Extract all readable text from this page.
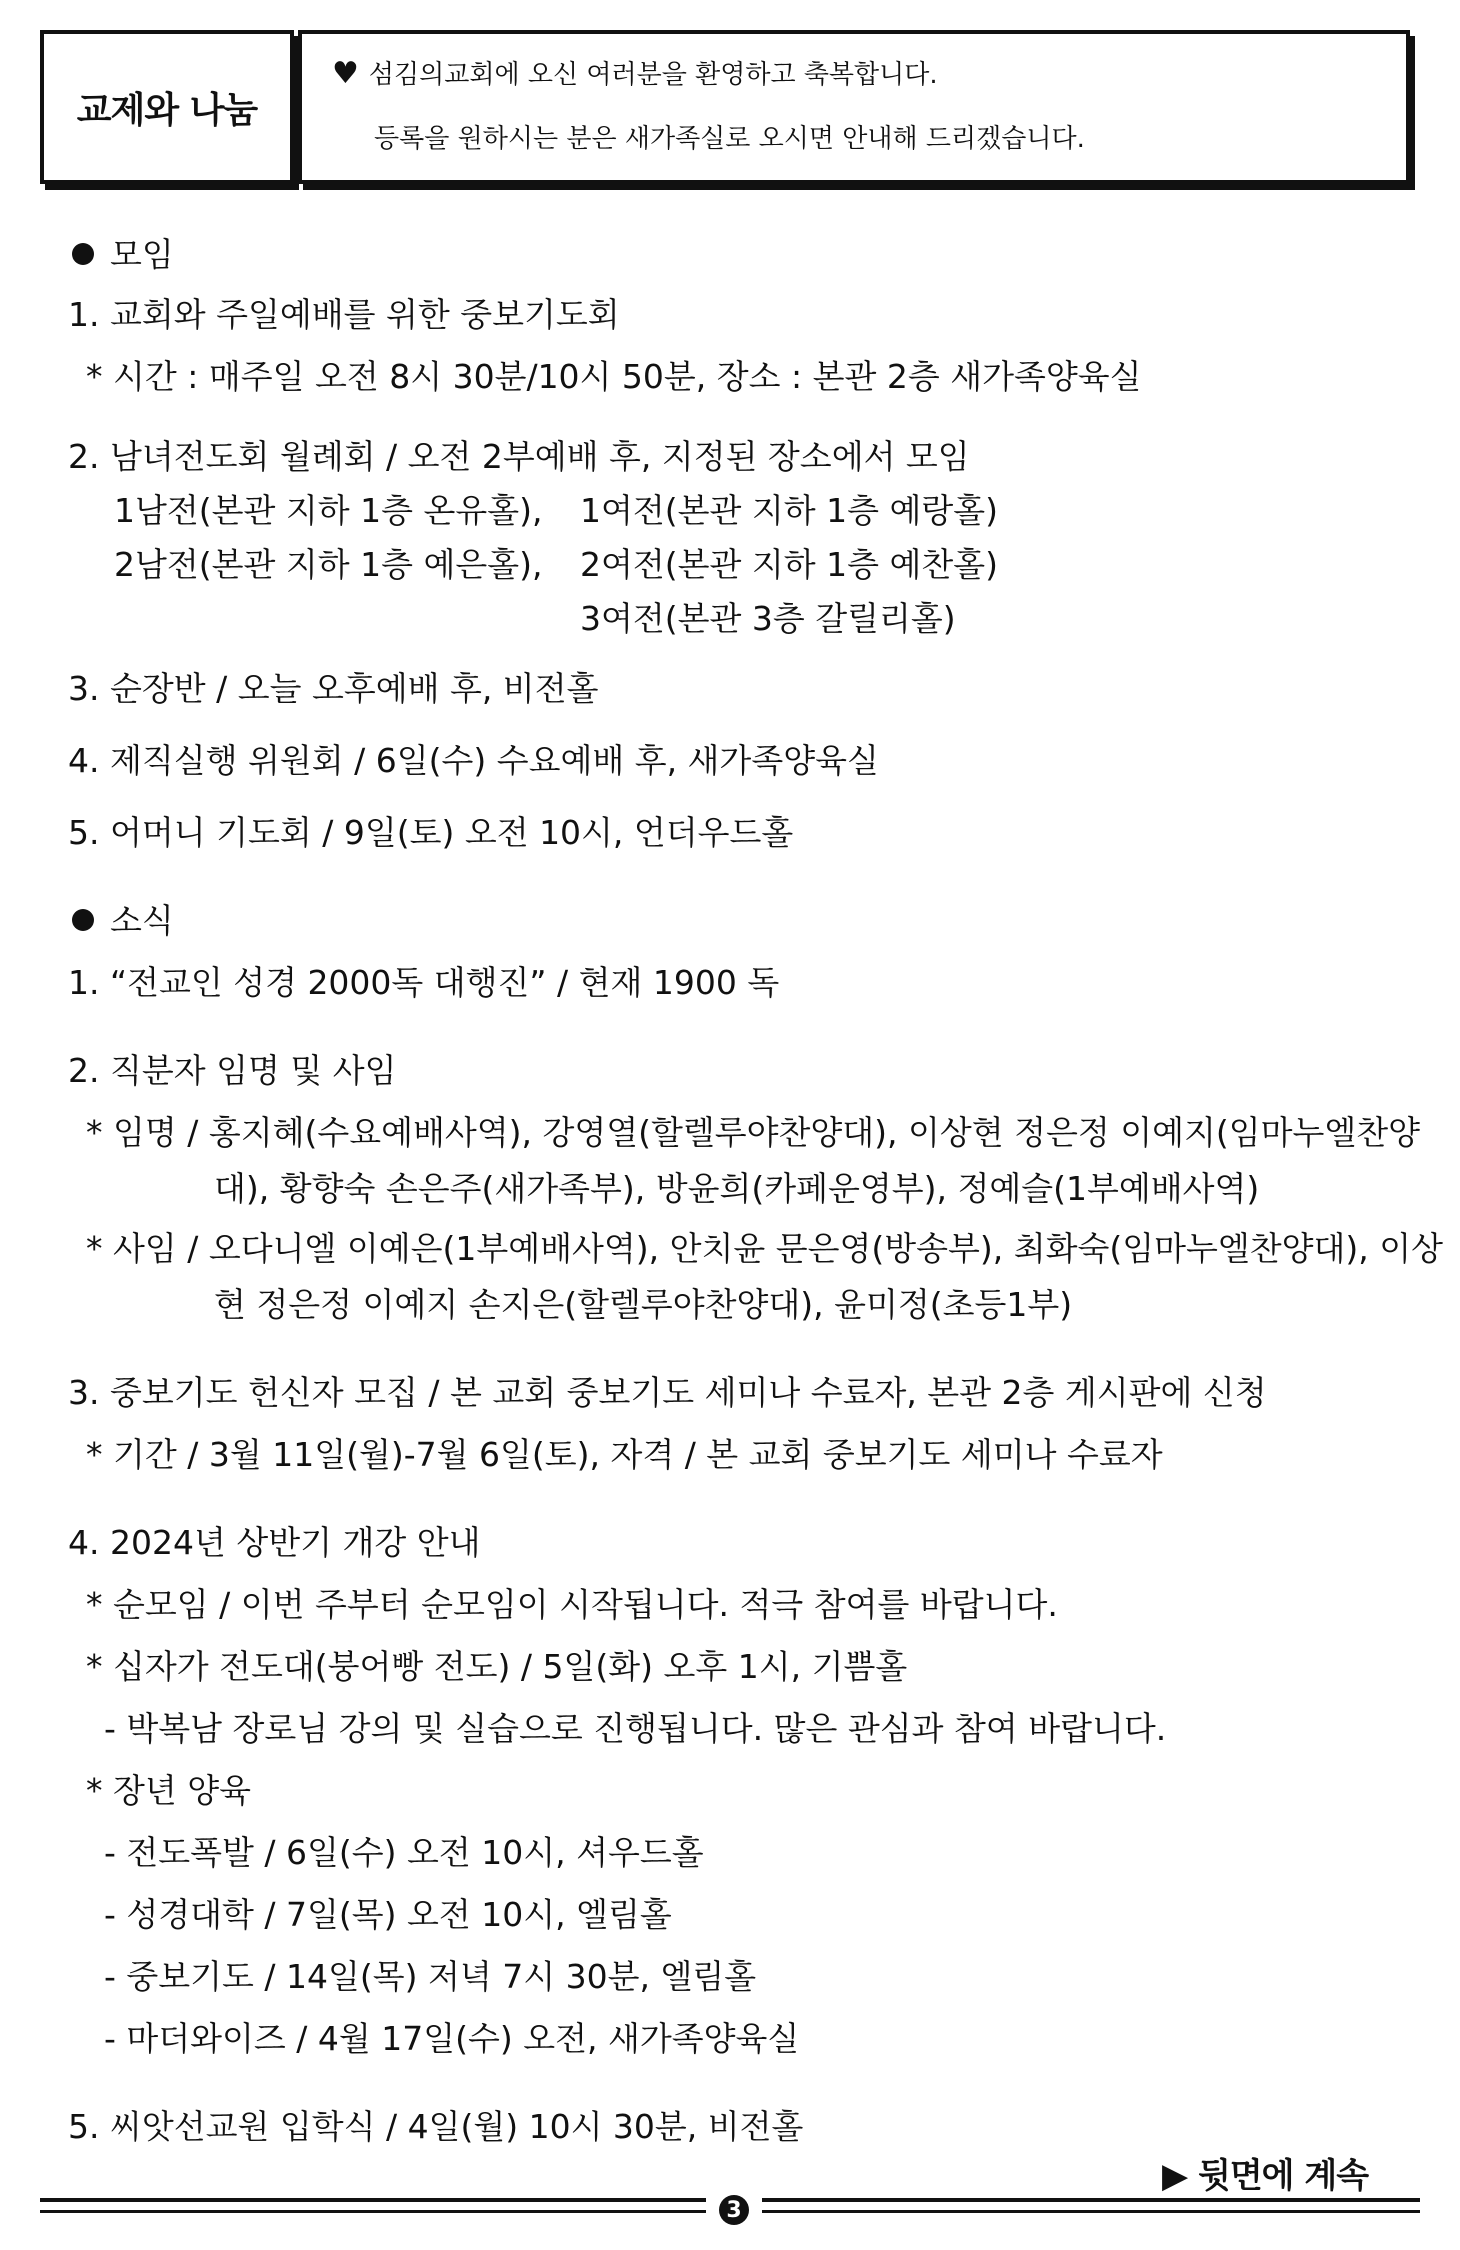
교제와 나눔
♥ 섬김의교회에 오신 여러분을 환영하고 축복합니다.
등록을 원하시는 분은 새가족실로 오시면 안내해 드리겠습니다.
모임
1. 교회와 주일예배를 위한 중보기도회
* 시간 : 매주일 오전 8시 30분/10시 50분, 장소 : 본관 2층 새가족양육실
2. 남녀전도회 월례회 / 오전 2부예배 후, 지정된 장소에서 모임
1남전(본관 지하 1층 온유홀), 1여전(본관 지하 1층 예랑홀)
2남전(본관 지하 1층 예은홀), 2여전(본관 지하 1층 예찬홀)
3여전(본관 3층 갈릴리홀)
3. 순장반 / 오늘 오후예배 후, 비전홀
4. 제직실행 위원회 / 6일(수) 수요예배 후, 새가족양육실
5. 어머니 기도회 / 9일(토) 오전 10시, 언더우드홀
소식
1. “전교인 성경 2000독 대행진” / 현재 1900 독
2. 직분자 임명 및 사임
* 임명 / 홍지혜(수요예배사역), 강영열(할렐루야찬양대), 이상현 정은정 이예지(임마누엘찬양
대), 황향숙 손은주(새가족부), 방윤희(카페운영부), 정예슬(1부예배사역)
* 사임 / 오다니엘 이예은(1부예배사역), 안치윤 문은영(방송부), 최화숙(임마누엘찬양대), 이상
현 정은정 이예지 손지은(할렐루야찬양대), 윤미정(초등1부)
3. 중보기도 헌신자 모집 / 본 교회 중보기도 세미나 수료자, 본관 2층 게시판에 신청
* 기간 / 3월 11일(월)-7월 6일(토), 자격 / 본 교회 중보기도 세미나 수료자
4. 2024년 상반기 개강 안내
* 순모임 / 이번 주부터 순모임이 시작됩니다. 적극 참여를 바랍니다.
* 십자가 전도대(붕어빵 전도) / 5일(화) 오후 1시, 기쁨홀
- 박복남 장로님 강의 및 실습으로 진행됩니다. 많은 관심과 참여 바랍니다.
* 장년 양육
- 전도폭발 / 6일(수) 오전 10시, 셔우드홀
- 성경대학 / 7일(목) 오전 10시, 엘림홀
- 중보기도 / 14일(목) 저녁 7시 30분, 엘림홀
- 마더와이즈 / 4월 17일(수) 오전, 새가족양육실
5. 씨앗선교원 입학식 / 4일(월) 10시 30분, 비전홀
▶ 뒷면에 계속
3
